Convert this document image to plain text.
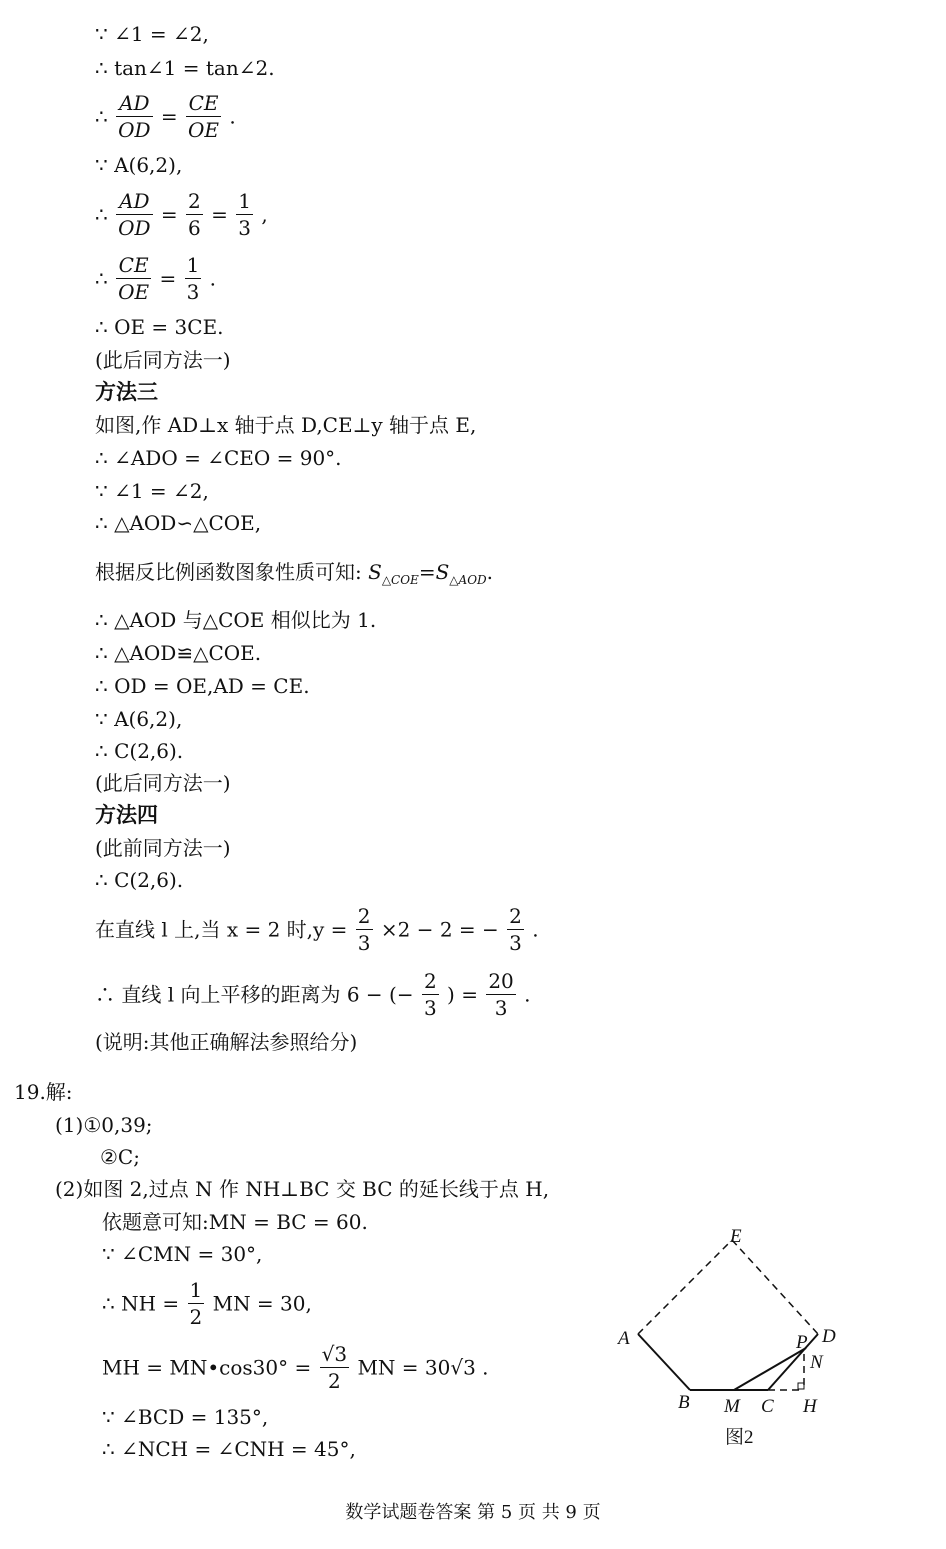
∵ ∠1 = ∠2,
∴ tan∠1 = tan∠2.
∴ $\frac{AD}{OD} = \frac{CE}{OE}$ .
∵ A(6,2),
∴ $\frac{AD}{OD} = \frac{2}{6} = \frac{1}{3}$ ,
∴ $\frac{CE}{OE} = \frac{1}{3}$ .
∴ OE = 3CE.
(此后同方法一)
方法三
如图,作 AD⊥x 轴于点 D,CE⊥y 轴于点 E,
∴ ∠ADO = ∠CEO = 90°.
∵ ∠1 = ∠2,
∴ △AOD∽△COE,
根据反比例函数图象性质可知: $S_{\triangle COE}=S_{\triangle AOD}$.
∴ △AOD 与△COE 相似比为 1.
∴ △AOD≌△COE.
∴ OD = OE,AD = CE.
∵ A(6,2),
∴ C(2,6).
(此后同方法一)
方法四
(此前同方法一)
∴ C(2,6).
在直线 l 上,当 x = 2 时$,y = \frac{2}{3} \times 2 - 2$ = − $\frac{2}{3}$ .
∴ 直线 l 向上平移的距离为 6 − (− $\frac{2}{3}$ ) = $\frac{20}{3}$ .
(说明:其他正确解法参照给分)
19.解:
(1)①0,39;
②C;
(2)如图 2,过点 N 作 NH⊥BC 交 BC 的延长线于点 H,
依题意可知:MN = BC = 60.
∵ ∠CMN = 30°,
∴ NH = $\frac{1}{2}$ MN = 30,
MH = MN•cos30° = $\frac{√3}{2}$ MN = 30√3 .
∵ ∠BCD = 135°,
∴ ∠NCH = ∠CNH = 45°,
E
A
B M C
P D
N
H
图2
数学试题卷答案 第 5 页 共 9 页
